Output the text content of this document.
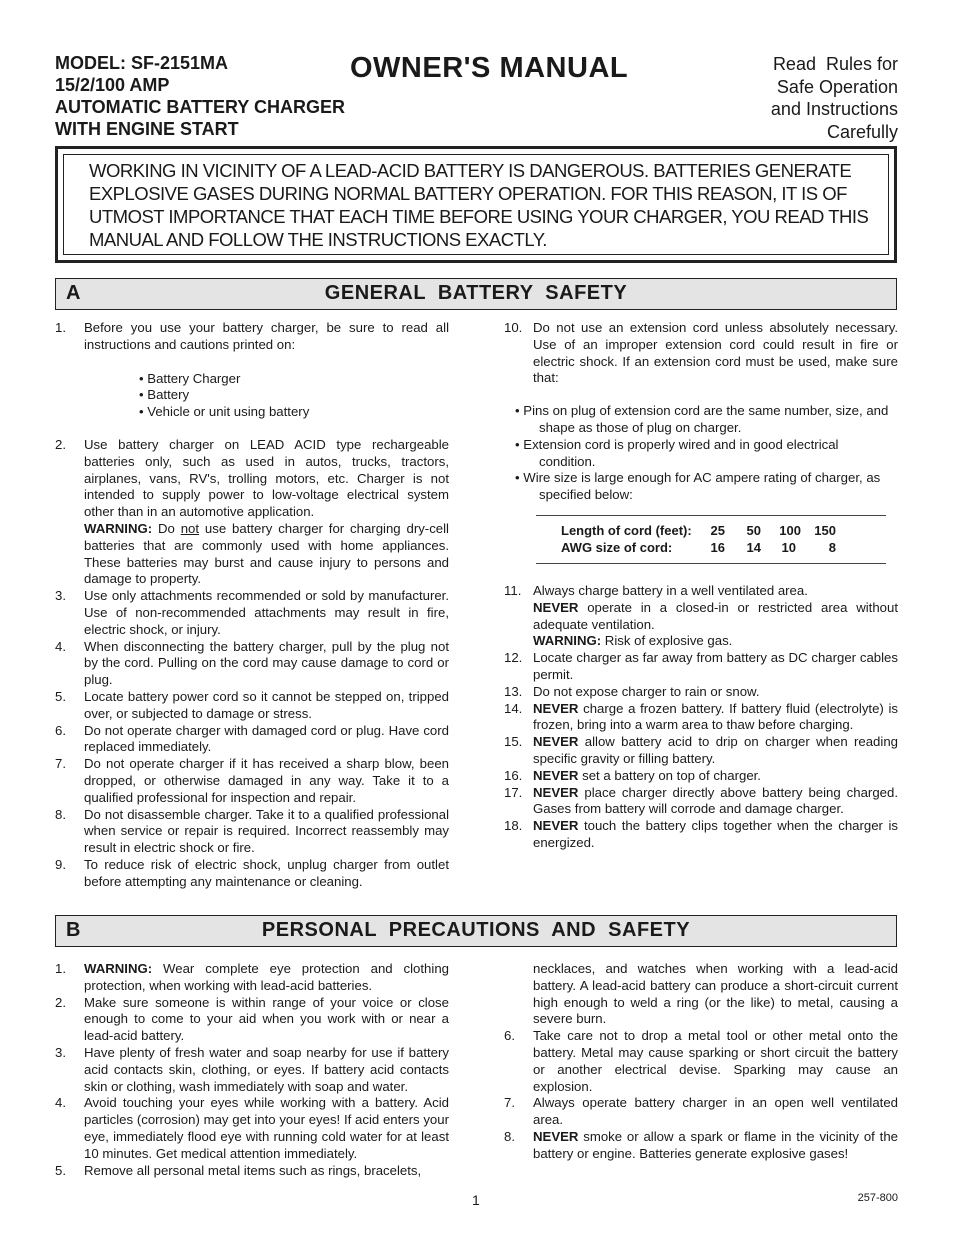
MODEL: SF-2151MA
15/2/100 AMP
AUTOMATIC BATTERY CHARGER
WITH ENGINE START
OWNER'S MANUAL	Read  Rules for
Safe Operation
and Instructions
Carefully
WORKING IN VICINITY OF A LEAD-ACID BATTERY IS DANGEROUS. BATTERIES GENERATE EXPLOSIVE GASES DURING NORMAL BATTERY OPERATION. FOR THIS REASON, IT IS OF UTMOST IMPORTANCE THAT EACH TIME BEFORE USING YOUR CHARGER, YOU READ THIS MANUAL AND FOLLOW THE INSTRUCTIONS EXACTLY.
A	GENERAL  BATTERY  SAFETY
1. Before you use your battery charger, be sure to read all instructions and cautions printed on:
• Battery Charger
• Battery
• Vehicle or unit using battery
2. Use battery charger on LEAD ACID type rechargeable batteries only, such as used in autos, trucks, tractors, airplanes, vans, RV's, trolling motors, etc. Charger is not intended to supply power to low-voltage electrical system other than in an automotive application.
WARNING: Do not use battery charger for charging dry-cell batteries that are commonly used with home appliances. These batteries may burst and cause injury to persons and damage to property.
3. Use only attachments recommended or sold by manufacturer. Use of non-recommended attachments may result in fire, electric shock, or injury.
4. When disconnecting the battery charger, pull by the plug not by the cord. Pulling on the cord may cause damage to cord or plug.
5. Locate battery power cord so it cannot be stepped on, tripped over, or subjected to damage or stress.
6. Do not operate charger with damaged cord or plug. Have cord replaced immediately.
7. Do not operate charger if it has received a sharp blow, been dropped, or otherwise damaged in any way. Take it to a qualified professional for inspection and repair.
8. Do not disassemble charger. Take it to a qualified professional when service or repair is required. Incorrect reassembly may result in electric shock or fire.
9. To reduce risk of electric shock, unplug charger from outlet before attempting any maintenance or cleaning.
10. Do not use an extension cord unless absolutely necessary. Use of an improper extension cord could result in fire or electric shock. If an extension cord must be used, make sure that:
• Pins on plug of extension cord are the same number, size, and shape as those of plug on charger.
• Extension cord is properly wired and in good electrical condition.
• Wire size is large enough for AC ampere rating of charger, as specified below:
Length of cord (feet):	25	50	100	150
AWG size of cord:	16	14	10	8
11. Always charge battery in a well ventilated area.
NEVER operate in a closed-in or restricted area without adequate ventilation.
WARNING: Risk of explosive gas.
12. Locate charger as far away from battery as DC charger cables permit.
13. Do not expose charger to rain or snow.
14. NEVER charge a frozen battery. If battery fluid (electrolyte) is frozen, bring into a warm area to thaw before charging.
15. NEVER allow battery acid to drip on charger when reading specific gravity or filling battery.
16. NEVER set a battery on top of charger.
17. NEVER place charger directly above battery being charged. Gases from battery will corrode and damage charger.
18. NEVER touch the battery clips together when the charger is energized.
B	PERSONAL  PRECAUTIONS  AND  SAFETY
1. WARNING: Wear complete eye protection and clothing protection, when working with lead-acid batteries.
2. Make sure someone is within range of your voice or close enough to come to your aid when you work with or near a lead-acid battery.
3. Have plenty of fresh water and soap nearby for use if battery acid contacts skin, clothing, or eyes. If battery acid contacts skin or clothing, wash immediately with soap and water.
4. Avoid touching your eyes while working with a battery. Acid particles (corrosion) may get into your eyes! If acid enters your eye, immediately flood eye with running cold water for at least 10 minutes. Get medical attention immediately.
5. Remove all personal metal items such as rings, bracelets,
necklaces, and watches when working with a lead-acid battery. A lead-acid battery can produce a short-circuit current high enough to weld a ring (or the like) to metal, causing a severe burn.
6. Take care not to drop a metal tool or other metal onto the battery. Metal may cause sparking or short circuit the battery or another electrical devise. Sparking may cause an explosion.
7. Always operate battery charger in an open well ventilated area.
8. NEVER smoke or allow a spark or flame in the vicinity of the battery or engine. Batteries generate explosive gases!
1	257-800
